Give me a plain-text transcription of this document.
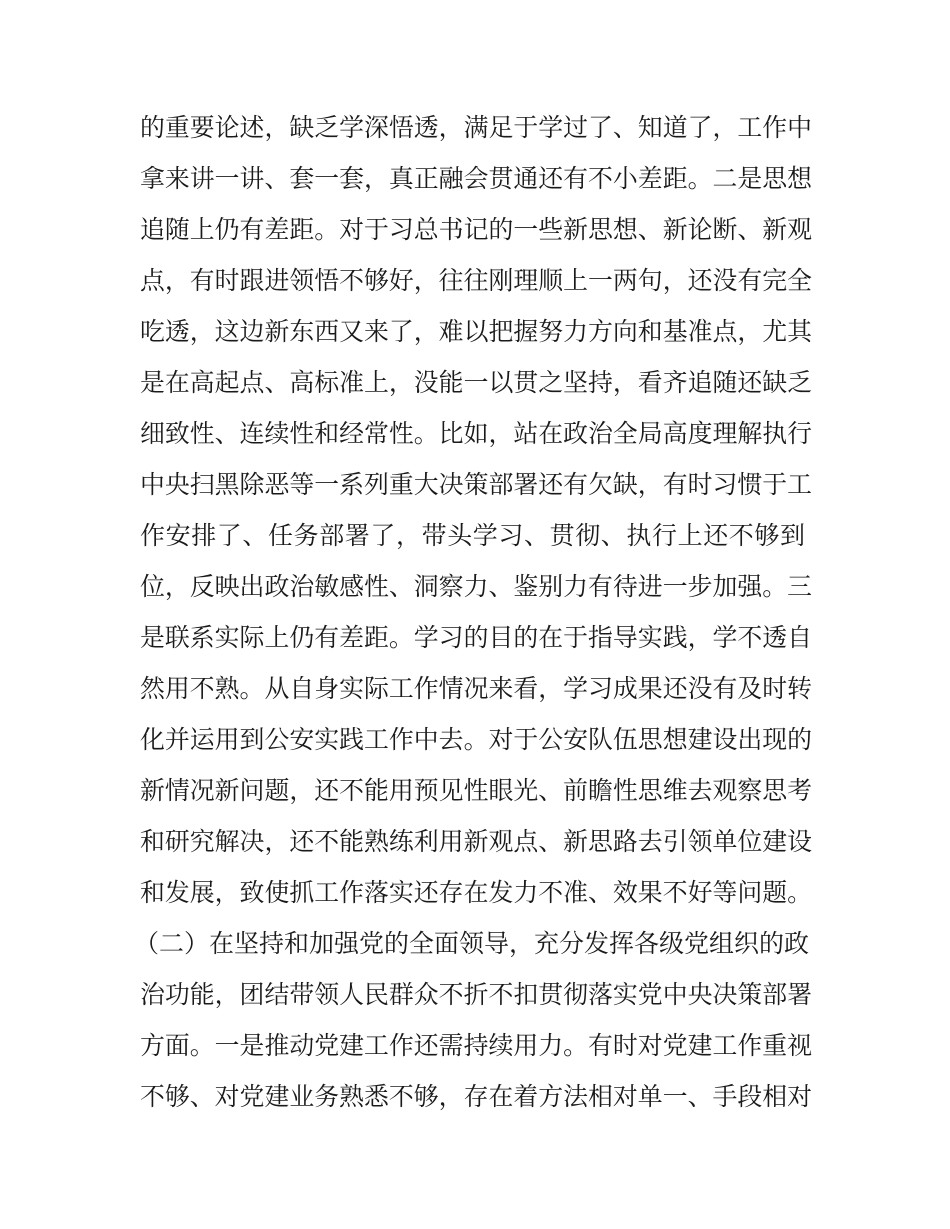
的重要论述，缺乏学深悟透，满足于学过了、知道了，工作中
拿来讲一讲、套一套，真正融会贯通还有不小差距。二是思想
追随上仍有差距。对于习总书记的一些新思想、新论断、新观
点，有时跟进领悟不够好，往往刚理顺上一两句，还没有完全
吃透，这边新东西又来了，难以把握努力方向和基准点，尤其
是在高起点、高标准上，没能一以贯之坚持，看齐追随还缺乏
细致性、连续性和经常性。比如，站在政治全局高度理解执行
中央扫黑除恶等一系列重大决策部署还有欠缺，有时习惯于工
作安排了、任务部署了，带头学习、贯彻、执行上还不够到
位，反映出政治敏感性、洞察力、鉴别力有待进一步加强。三
是联系实际上仍有差距。学习的目的在于指导实践，学不透自
然用不熟。从自身实际工作情况来看，学习成果还没有及时转
化并运用到公安实践工作中去。对于公安队伍思想建设出现的
新情况新问题，还不能用预见性眼光、前瞻性思维去观察思考
和研究解决，还不能熟练利用新观点、新思路去引领单位建设
和发展，致使抓工作落实还存在发力不准、效果不好等问题。
（二）在坚持和加强党的全面领导，充分发挥各级党组织的政
治功能，团结带领人民群众不折不扣贯彻落实党中央决策部署
方面。一是推动党建工作还需持续用力。有时对党建工作重视
不够、对党建业务熟悉不够，存在着方法相对单一、手段相对
